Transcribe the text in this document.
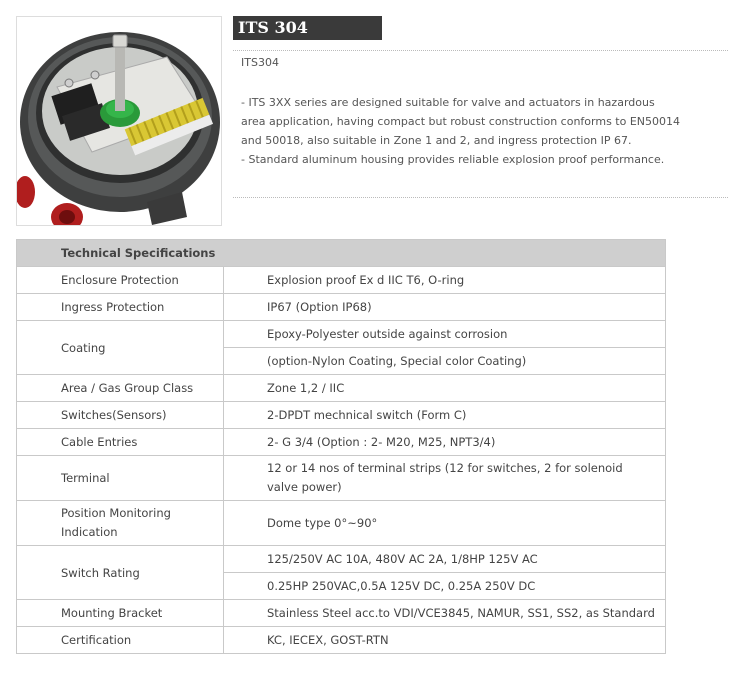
ITS 304
ITS304

- ITS 3XX series are designed suitable for valve and actuators in hazardous area application, having compact but robust construction conforms to EN50014 and 50018, also suitable in Zone 1 and 2, and ingress protection IP 67.

- Standard aluminum housing provides reliable explosion proof performance.

Technical Specifications	
Enclosure Protection	Explosion proof Ex d IIC T6, O-ring
Ingress Protection	IP67 (Option IP68)
Coating	Epoxy-Polyester outside against corrosion
	(option-Nylon Coating, Special color Coating)
Area / Gas Group Class	Zone 1,2 / IIC
Switches(Sensors)	2-DPDT mechnical switch (Form C)
Cable Entries	2- G 3/4 (Option : 2- M20, M25, NPT3/4)
Terminal	12 or 14 nos of terminal strips (12 for switches, 2 for solenoid valve power)
Position Monitoring Indication	Dome type 0°~90°
Switch Rating	125/250V AC 10A, 480V AC 2A, 1/8HP 125V AC
	0.25HP 250VAC,0.5A 125V DC, 0.25A 250V DC
Mounting Bracket	Stainless Steel acc.to VDI/VCE3845, NAMUR, SS1, SS2, as Standard
Certification	KC, IECEX, GOST-RTN
